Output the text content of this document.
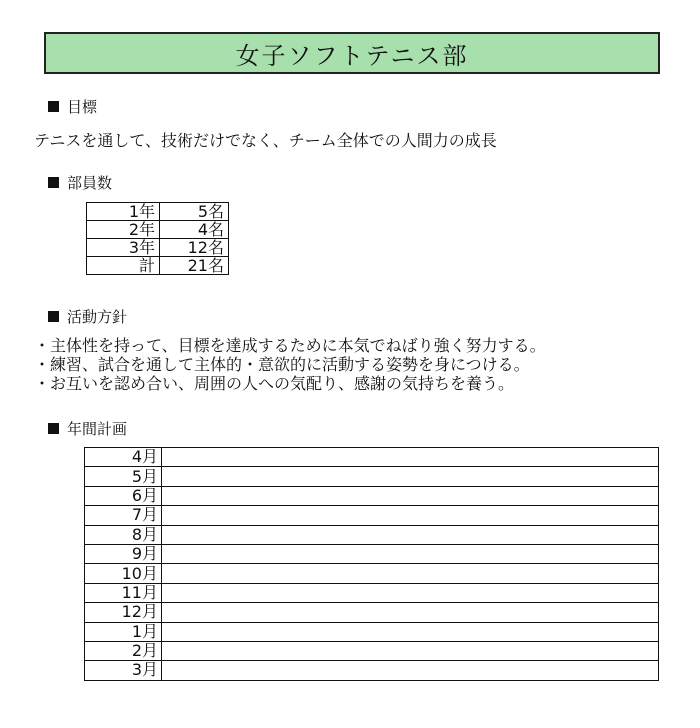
女子ソフトテニス部
目標
テニスを通して、技術だけでなく、チーム全体での人間力の成長
部員数
1年	5名
2年	4名
3年	12名
計	21名
活動方針
・主体性を持って、目標を達成するために本気でねばり強く努力する。
・練習、試合を通して主体的・意欲的に活動する姿勢を身につける。
・お互いを認め合い、周囲の人への気配り、感謝の気持ちを養う。
年間計画
4月	
5月	
6月	
7月	
8月	
9月	
10月	
11月	
12月	
1月	
2月	
3月	
